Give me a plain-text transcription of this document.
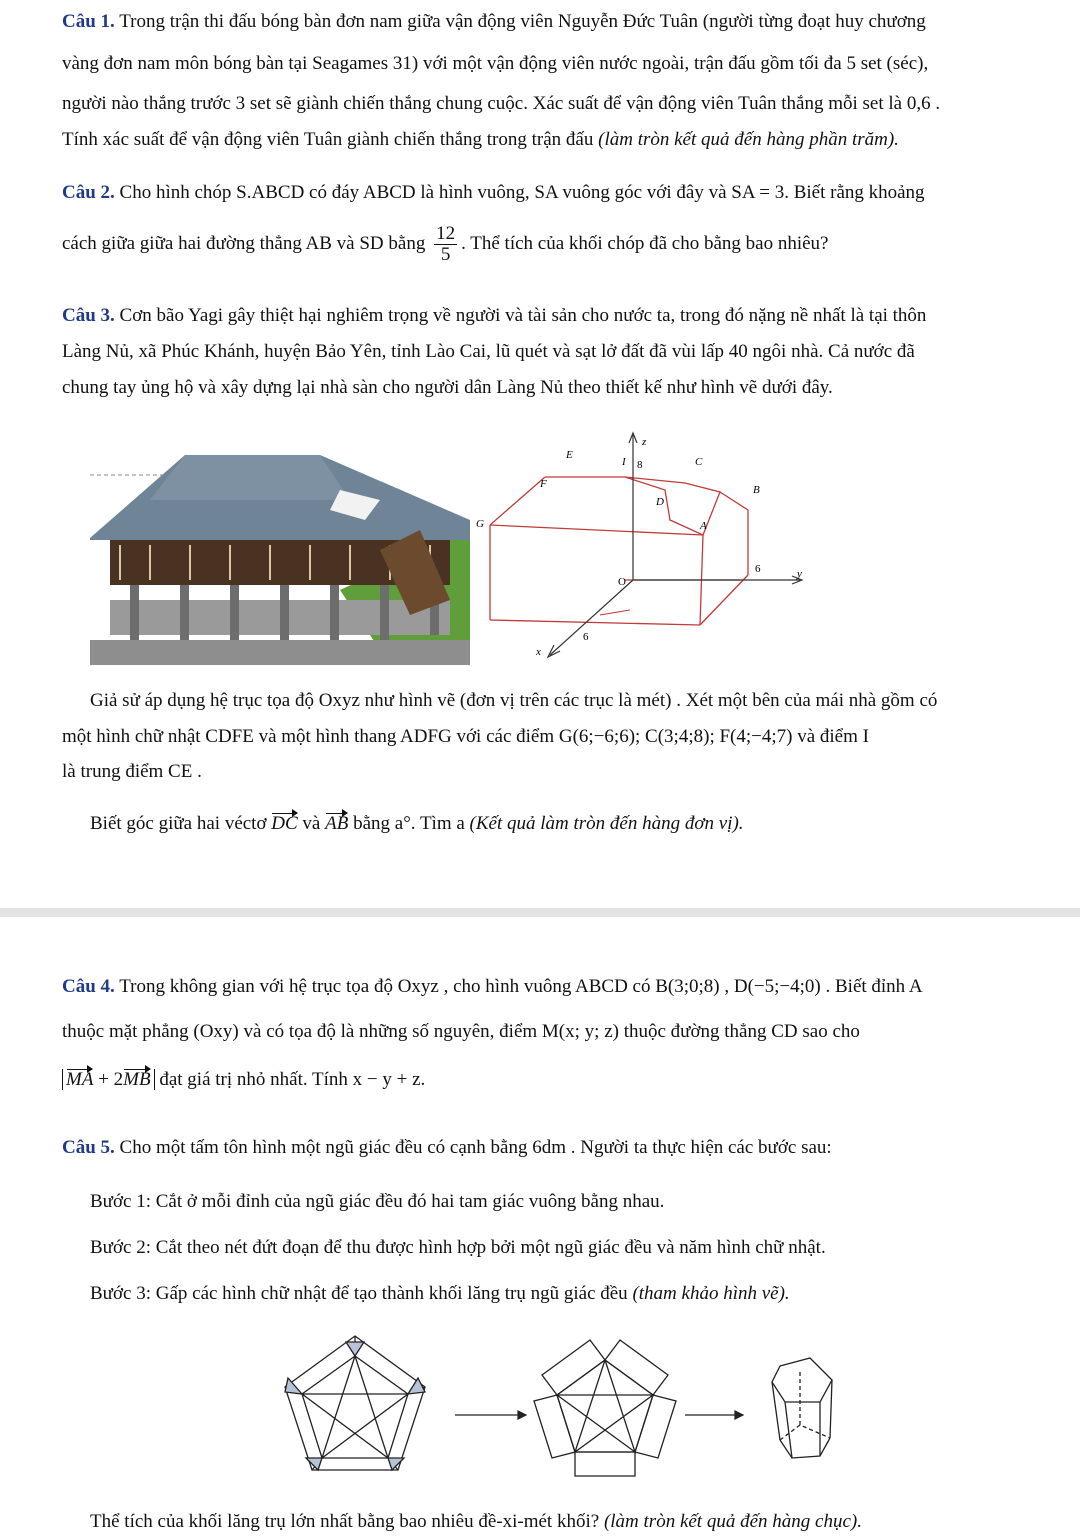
Câu 1. Trong trận thi đấu bóng bàn đơn nam giữa vận động viên Nguyễn Đức Tuân (người từng đoạt huy chương
vàng đơn nam môn bóng bàn tại Seagames 31) với một vận động viên nước ngoài, trận đấu gồm tối đa 5 set (séc),
người nào thắng trước 3 set sẽ giành chiến thắng chung cuộc. Xác suất để vận động viên Tuân thắng mỗi set là 0,6 .
Tính xác suất để vận động viên Tuân giành chiến thắng trong trận đấu (làm tròn kết quả đến hàng phần trăm).
Câu 2. Cho hình chóp S.ABCD có đáy ABCD là hình vuông, SA vuông góc với đây và SA = 3. Biết rằng khoảng
cách giữa giữa hai đường thẳng AB và SD bằng $\frac{12}{5}$ . Thể tích của khối chóp đã cho bằng bao nhiêu?
Câu 3. Cơn bão Yagi gây thiệt hại nghiêm trọng về người và tài sản cho nước ta, trong đó nặng nề nhất là tại thôn
Làng Nủ, xã Phúc Khánh, huyện Bảo Yên, tỉnh Lào Cai, lũ quét và sạt lở đất đã vùi lấp 40 ngôi nhà. Cả nước đã
chung tay ủng hộ và xây dựng lại nhà sàn cho người dân Làng Nủ theo thiết kế như hình vẽ dưới đây.
z
E
I 8	C
F
D
B
G	A
O
6	y
6
x
Giả sử áp dụng hệ trục tọa độ Oxyz như hình vẽ (đơn vị trên các trục là mét) . Xét một bên của mái nhà gồm có
một hình chữ nhật CDFE và một hình thang ADFG với các điểm G(6;−6;6); C(3;4;8); F(4;−4;7) và điểm I
là trung điểm CE .
Biết góc giữa hai véctơ DC và AB bằng a°. Tìm a (Kết quả làm tròn đến hàng đơn vị).
Câu 4. Trong không gian với hệ trục tọa độ Oxyz , cho hình vuông ABCD có B(3;0;8) , D(−5;−4;0) . Biết đỉnh A
thuộc mặt phẳng (Oxy) và có tọa độ là những số nguyên, điểm M(x; y; z) thuộc đường thẳng CD sao cho
MA + 2MB đạt giá trị nhỏ nhất. Tính x − y + z.
Câu 5. Cho một tấm tôn hình một ngũ giác đều có cạnh bằng 6dm . Người ta thực hiện các bước sau:
Bước 1: Cắt ở mỗi đỉnh của ngũ giác đều đó hai tam giác vuông bằng nhau.
Bước 2: Cắt theo nét đứt đoạn để thu được hình hợp bởi một ngũ giác đều và năm hình chữ nhật.
Bước 3: Gấp các hình chữ nhật để tạo thành khối lăng trụ ngũ giác đều (tham khảo hình vẽ).
Thể tích của khối lăng trụ lớn nhất bằng bao nhiêu đề-xi-mét khối? (làm tròn kết quả đến hàng chục).
